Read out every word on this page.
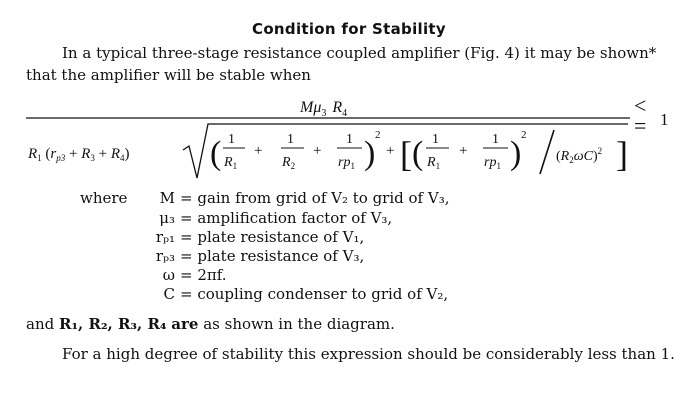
Condition for Stability
In a typical three-stage resistance coupled amplifier (Fig. 4) it may be shown* that the amplifier will be stable when
$M\mu_3$ $R_4$	<
= 1
$R_1$ $(r_{p3} + R_3 + R_4)$ ( 1
$R_1$
+
1
$R_2$
+
1
$rp_1$ ) 2
+ [ ( 1
$R_1$
+
1
$rp_1$ ) 2
$(R_2\omega C)^2$ ]
where M = gain from grid of V₂ to grid of V₃,
μ₃ = amplification factor of V₃,
rₚ₁ = plate resistance of V₁,
rₚ₃ = plate resistance of V₃,
ω = 2πf.
C = coupling condenser to grid of V₂,
and R₁, R₂, R₃, R₄ are as shown in the diagram.
For a high degree of stability this expression should be considerably less than 1.
